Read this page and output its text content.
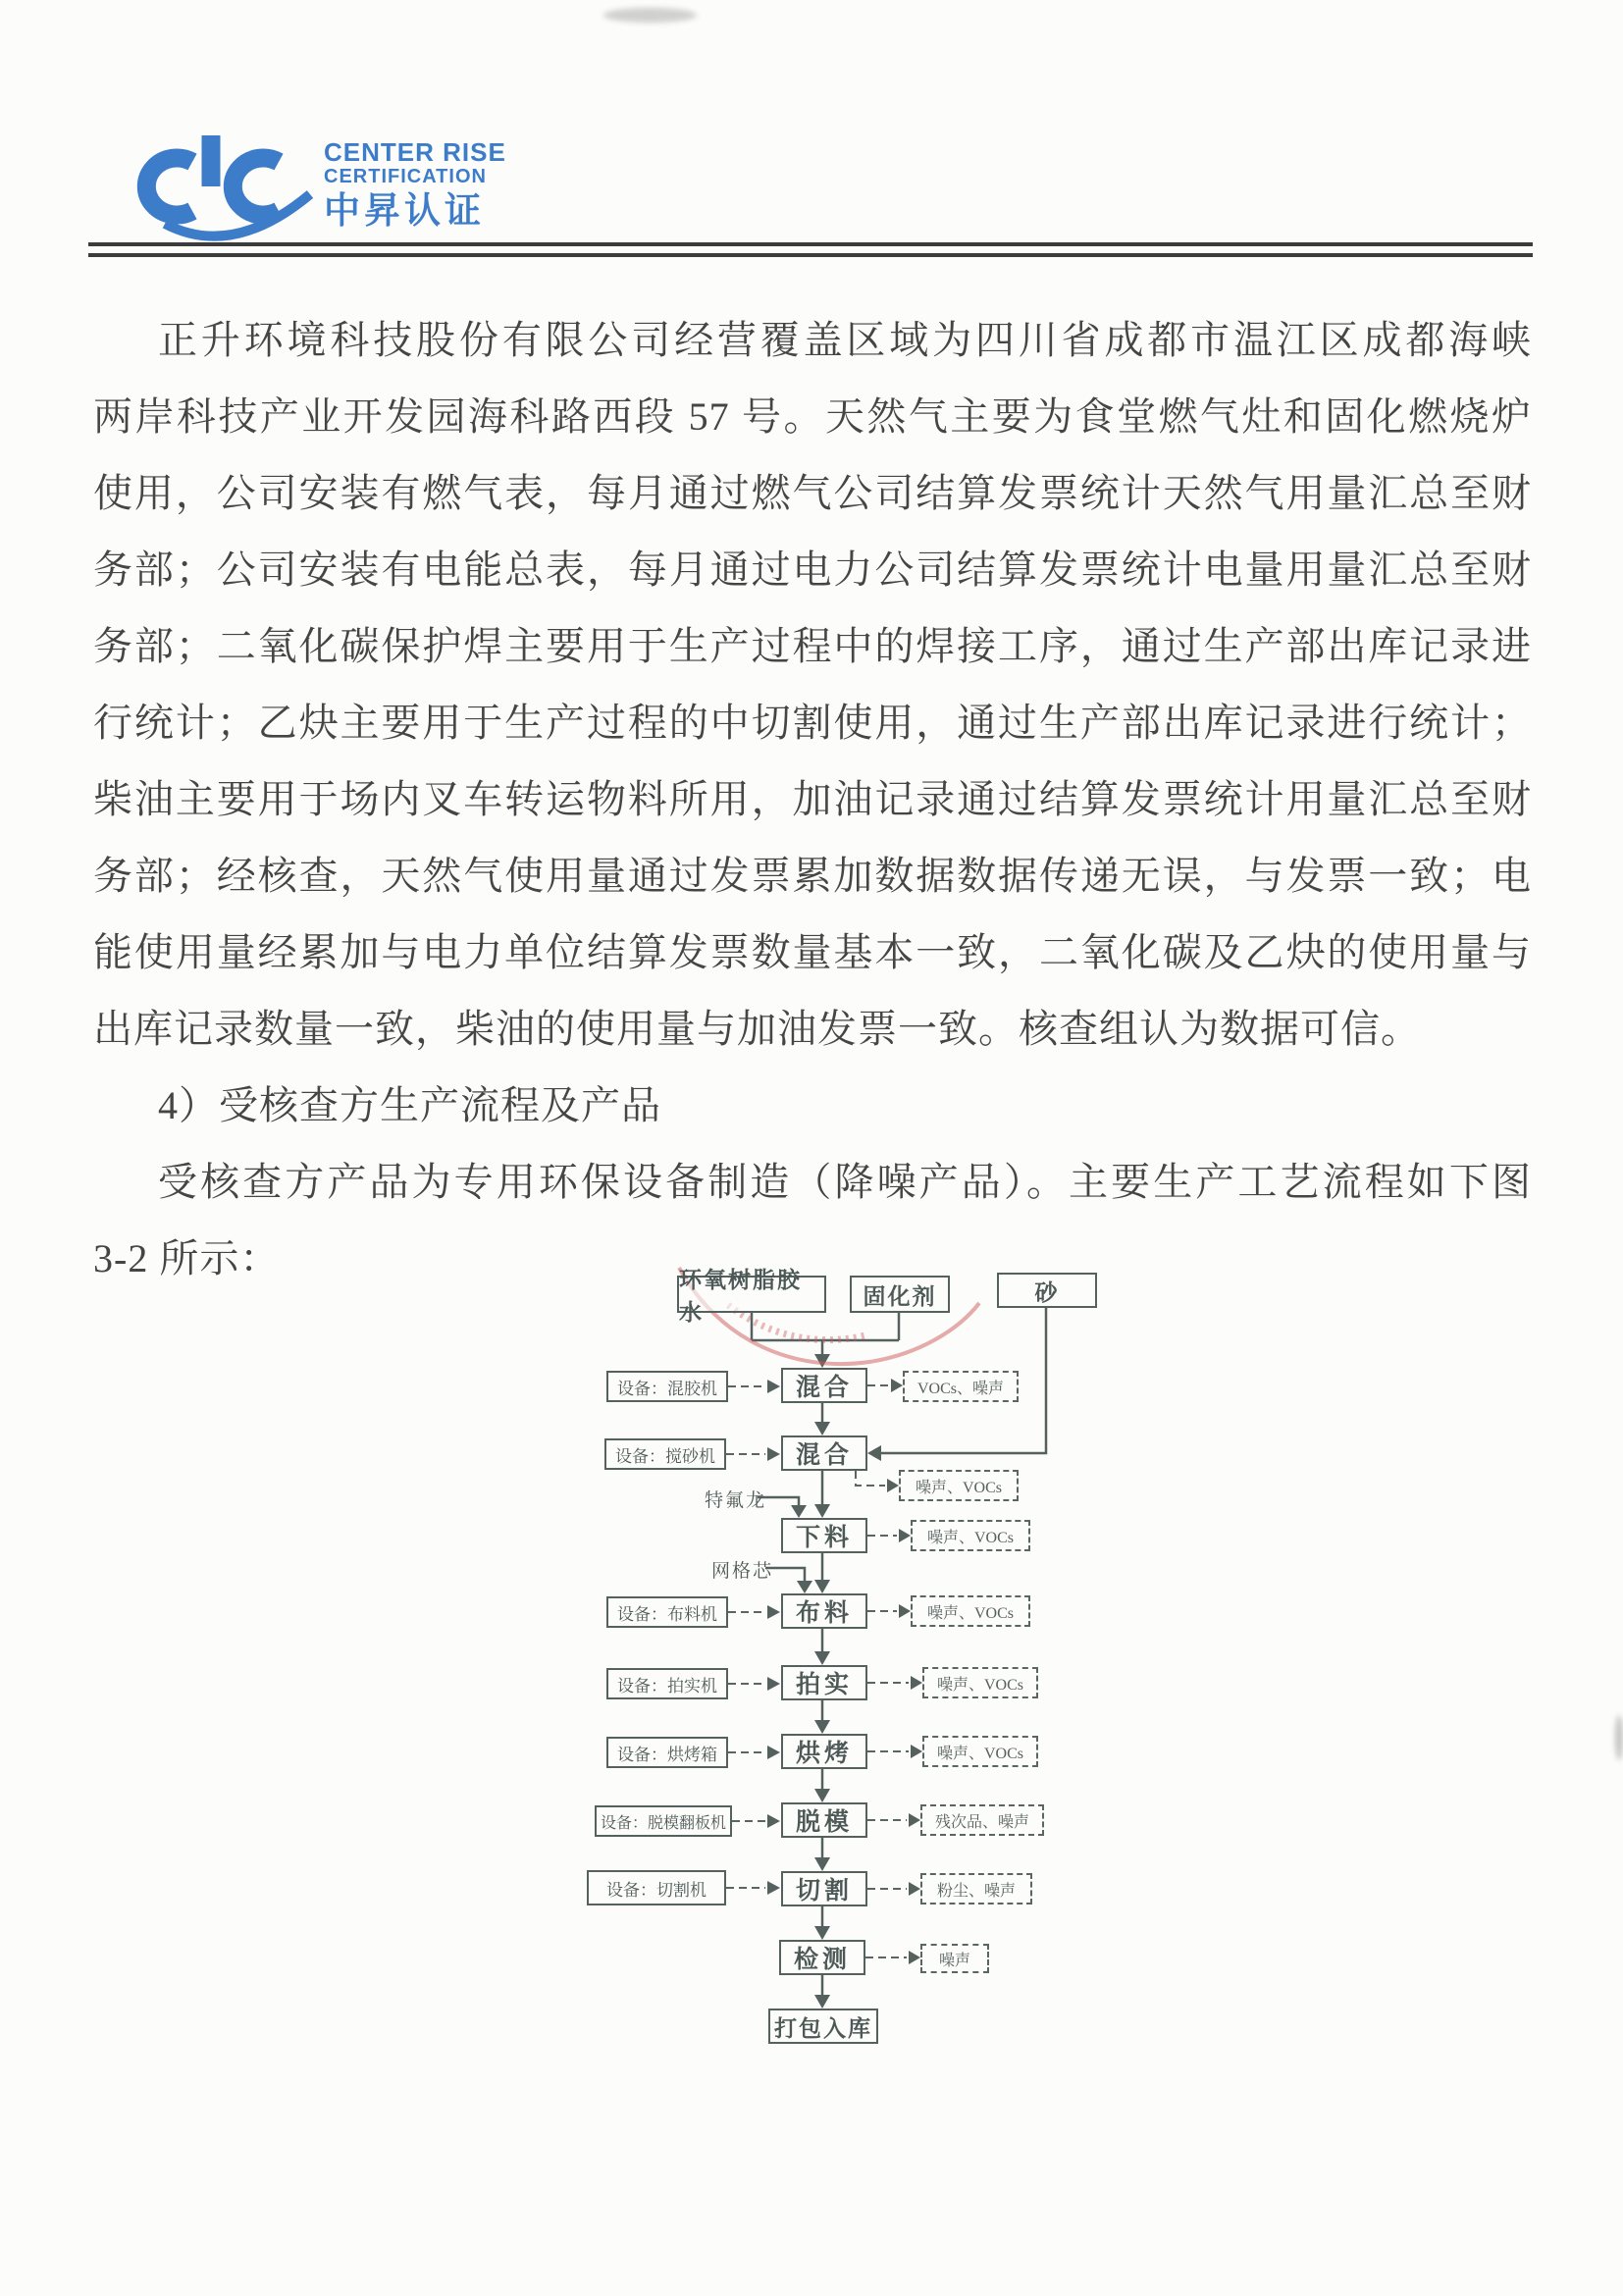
CENTER RISE
CERTIFICATION
中昇认证
正升环境科技股份有限公司经营覆盖区域为四川省成都市温江区成都海峡
两岸科技产业开发园海科路西段 57 号。天然气主要为食堂燃气灶和固化燃烧炉
使用，公司安装有燃气表，每月通过燃气公司结算发票统计天然气用量汇总至财
务部；公司安装有电能总表，每月通过电力公司结算发票统计电量用量汇总至财
务部；二氧化碳保护焊主要用于生产过程中的焊接工序，通过生产部出库记录进
行统计；乙炔主要用于生产过程的中切割使用，通过生产部出库记录进行统计；
柴油主要用于场内叉车转运物料所用，加油记录通过结算发票统计用量汇总至财
务部；经核查，天然气使用量通过发票累加数据数据传递无误，与发票一致；电
能使用量经累加与电力单位结算发票数量基本一致，二氧化碳及乙炔的使用量与
出库记录数量一致，柴油的使用量与加油发票一致。核查组认为数据可信。
4）受核查方生产流程及产品
受核查方产品为专用环保设备制造（降噪产品）。主要生产工艺流程如下图
3-2 所示：	环氧树脂胶水
固化剂	砂
混合
混合
下料
布料
拍实
烘烤
脱模
切割
检测
打包入库
设备：混胶机
设备：搅砂机
设备：布料机
设备：拍实机
设备：烘烤箱
设备：脱模翻板机
设备：切割机
VOCs、噪声
噪声、VOCs
噪声、VOCs
噪声、VOCs
噪声、VOCs
噪声、VOCs
残次品、噪声
粉尘、噪声
噪声
特氟龙
网格芯
